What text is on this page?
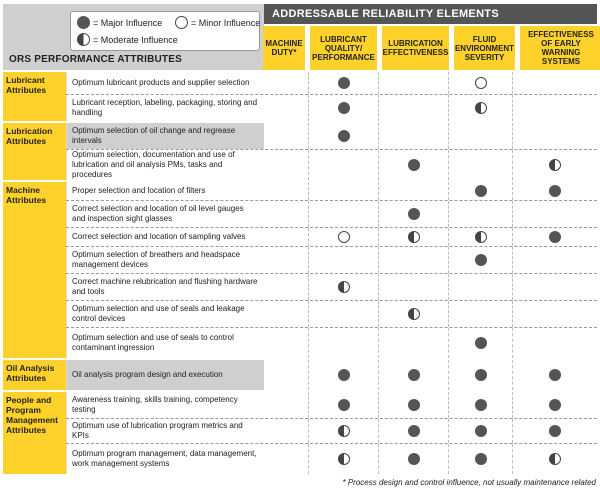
= Major Influence	= Minor Influence
= Moderate Influence
ORS PERFORMANCE ATTRIBUTES
ADDRESSABLE RELIABILITY ELEMENTS
MACHINE DUTY*
LUBRICANT QUALITY/ PERFORMANCE
LUBRICATION EFFECTIVENESS
FLUID ENVIRONMENT SEVERITY
EFFECTIVENESS OF EARLY WARNING SYSTEMS
Lubricant Attributes
Optimum lubricant products and supplier selection
Lubricant reception, labeling, packaging, storing and handling
Lubrication Attributes
Optimum selection of oil change and regrease intervals
Optimum selection, documentation and use of lubrication and oil analysis PMs, tasks and procedures
Machine Attributes
Proper selection and location of filters
Correct selection and location of oil level gauges and inspection sight glasses
Correct selection and location of sampling valves
Optimum selection of breathers and headspace management devices
Correct machine relubrication and flushing hardware and tools
Optimum selection and use of seals and leakage control devices
Optimum selection and use of seals to control contaminant ingression
Oil Analysis Attributes	Oil analysis program design and execution
People and Program Management Attributes
Awareness training, skills training, competency testing
Optimum use of lubrication program metrics and KPIs
Optimum program management, data management, work management systems
* Process design and control influence, not usually maintenance related
